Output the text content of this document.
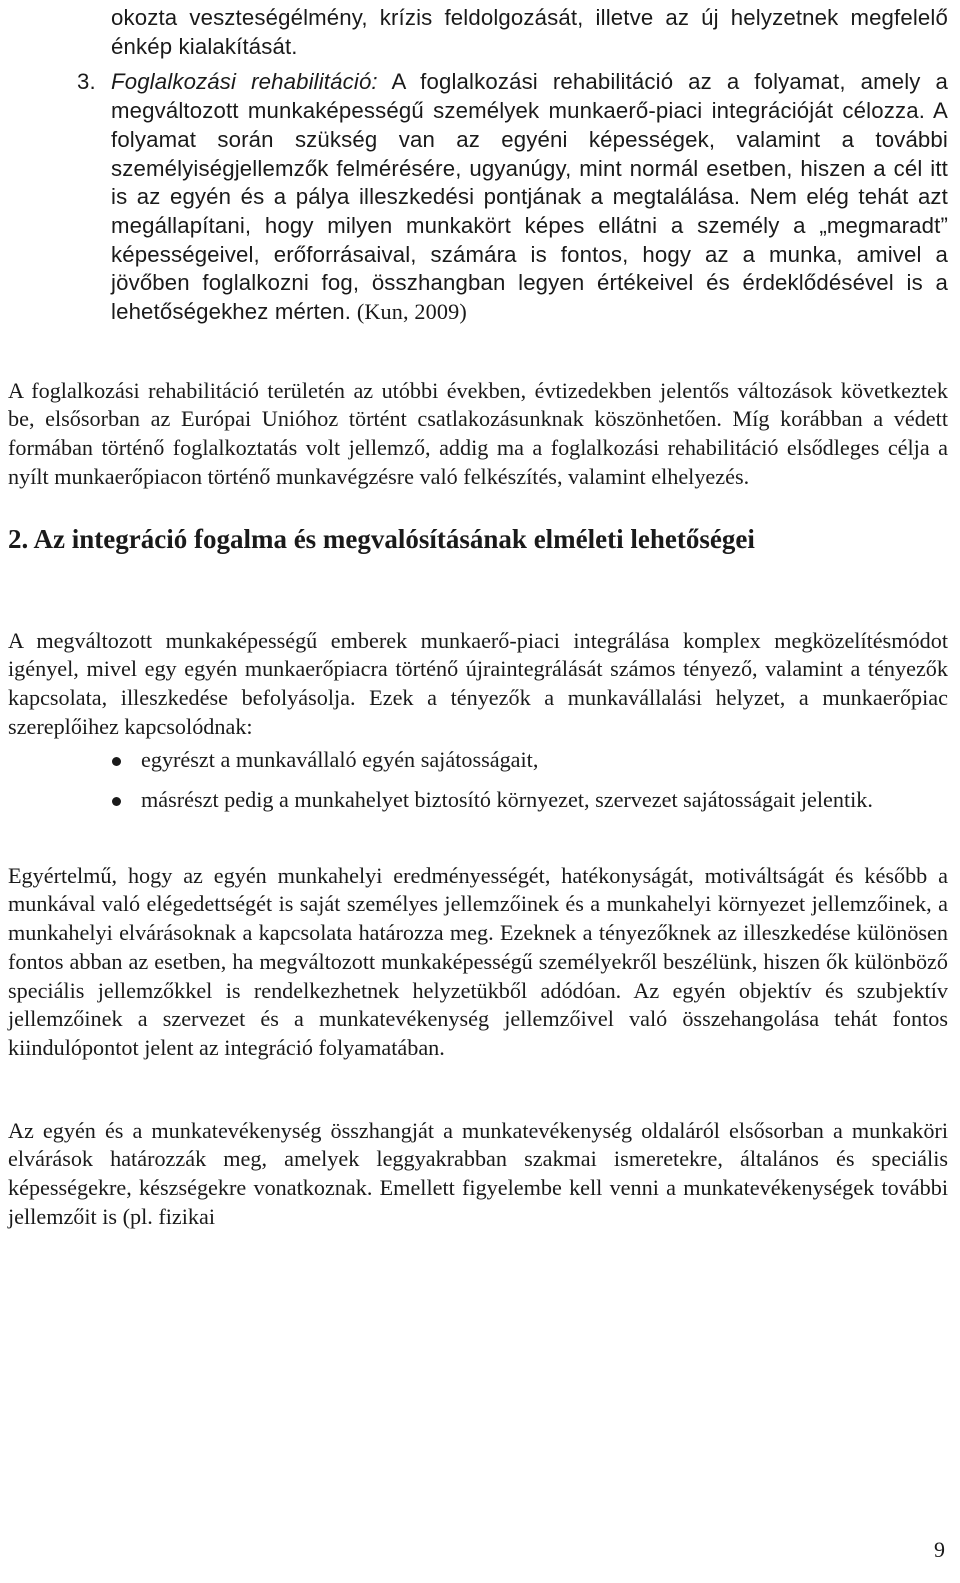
okozta veszteségélmény, krízis feldolgozását, illetve az új helyzetnek megfelelő énkép kialakítását.

3. Foglalkozási rehabilitáció: A foglalkozási rehabilitáció az a folyamat, amely a megváltozott munkaképességű személyek munkaerő-piaci integrációját célozza. A folyamat során szükség van az egyéni képességek, valamint a további személyiségjellemzők felmérésére, ugyanúgy, mint normál esetben, hiszen a cél itt is az egyén és a pálya illeszkedési pontjának a megtalálása. Nem elég tehát azt megállapítani, hogy milyen munkakört képes ellátni a személy a „megmaradt” képességeivel, erőforrásaival, számára is fontos, hogy az a munka, amivel a jövőben foglalkozni fog, összhangban legyen értékeivel és érdeklődésével is a lehetőségekhez mérten. (Kun, 2009)

A foglalkozási rehabilitáció területén az utóbbi években, évtizedekben jelentős változások következtek be, elsősorban az Európai Unióhoz történt csatlakozásunknak köszönhetően. Míg korábban a védett formában történő foglalkoztatás volt jellemző, addig ma a foglalkozási rehabilitáció elsődleges célja a nyílt munkaerőpiacon történő munkavégzésre való felkészítés, valamint elhelyezés.

2. Az integráció fogalma és megvalósításának elméleti lehetőségei

A megváltozott munkaképességű emberek munkaerő-piaci integrálása komplex megközelítésmódot igényel, mivel egy egyén munkaerőpiacra történő újraintegrálását számos tényező, valamint a tényezők kapcsolata, illeszkedése befolyásolja. Ezek a tényezők a munkavállalási helyzet, a munkaerőpiac szereplőihez kapcsolódnak:

egyrészt a munkavállaló egyén sajátosságait,
másrészt pedig a munkahelyet biztosító környezet, szervezet sajátosságait jelentik.

Egyértelmű, hogy az egyén munkahelyi eredményességét, hatékonyságát, motiváltságát és később a munkával való elégedettségét is saját személyes jellemzőinek és a munkahelyi környezet jellemzőinek, a munkahelyi elvárásoknak a kapcsolata határozza meg. Ezeknek a tényezőknek az illeszkedése különösen fontos abban az esetben, ha megváltozott munkaképességű személyekről beszélünk, hiszen ők különböző speciális jellemzőkkel is rendelkezhetnek helyzetükből adódóan. Az egyén objektív és szubjektív jellemzőinek a szervezet és a munkatevékenység jellemzőivel való összehangolása tehát fontos kiindulópontot jelent az integráció folyamatában.

Az egyén és a munkatevékenység összhangját a munkatevékenység oldaláról elsősorban a munkaköri elvárások határozzák meg, amelyek leggyakrabban szakmai ismeretekre, általános és speciális képességekre, készségekre vonatkoznak. Emellett figyelembe kell venni a munkatevékenységek további jellemzőit is (pl. fizikai

9
